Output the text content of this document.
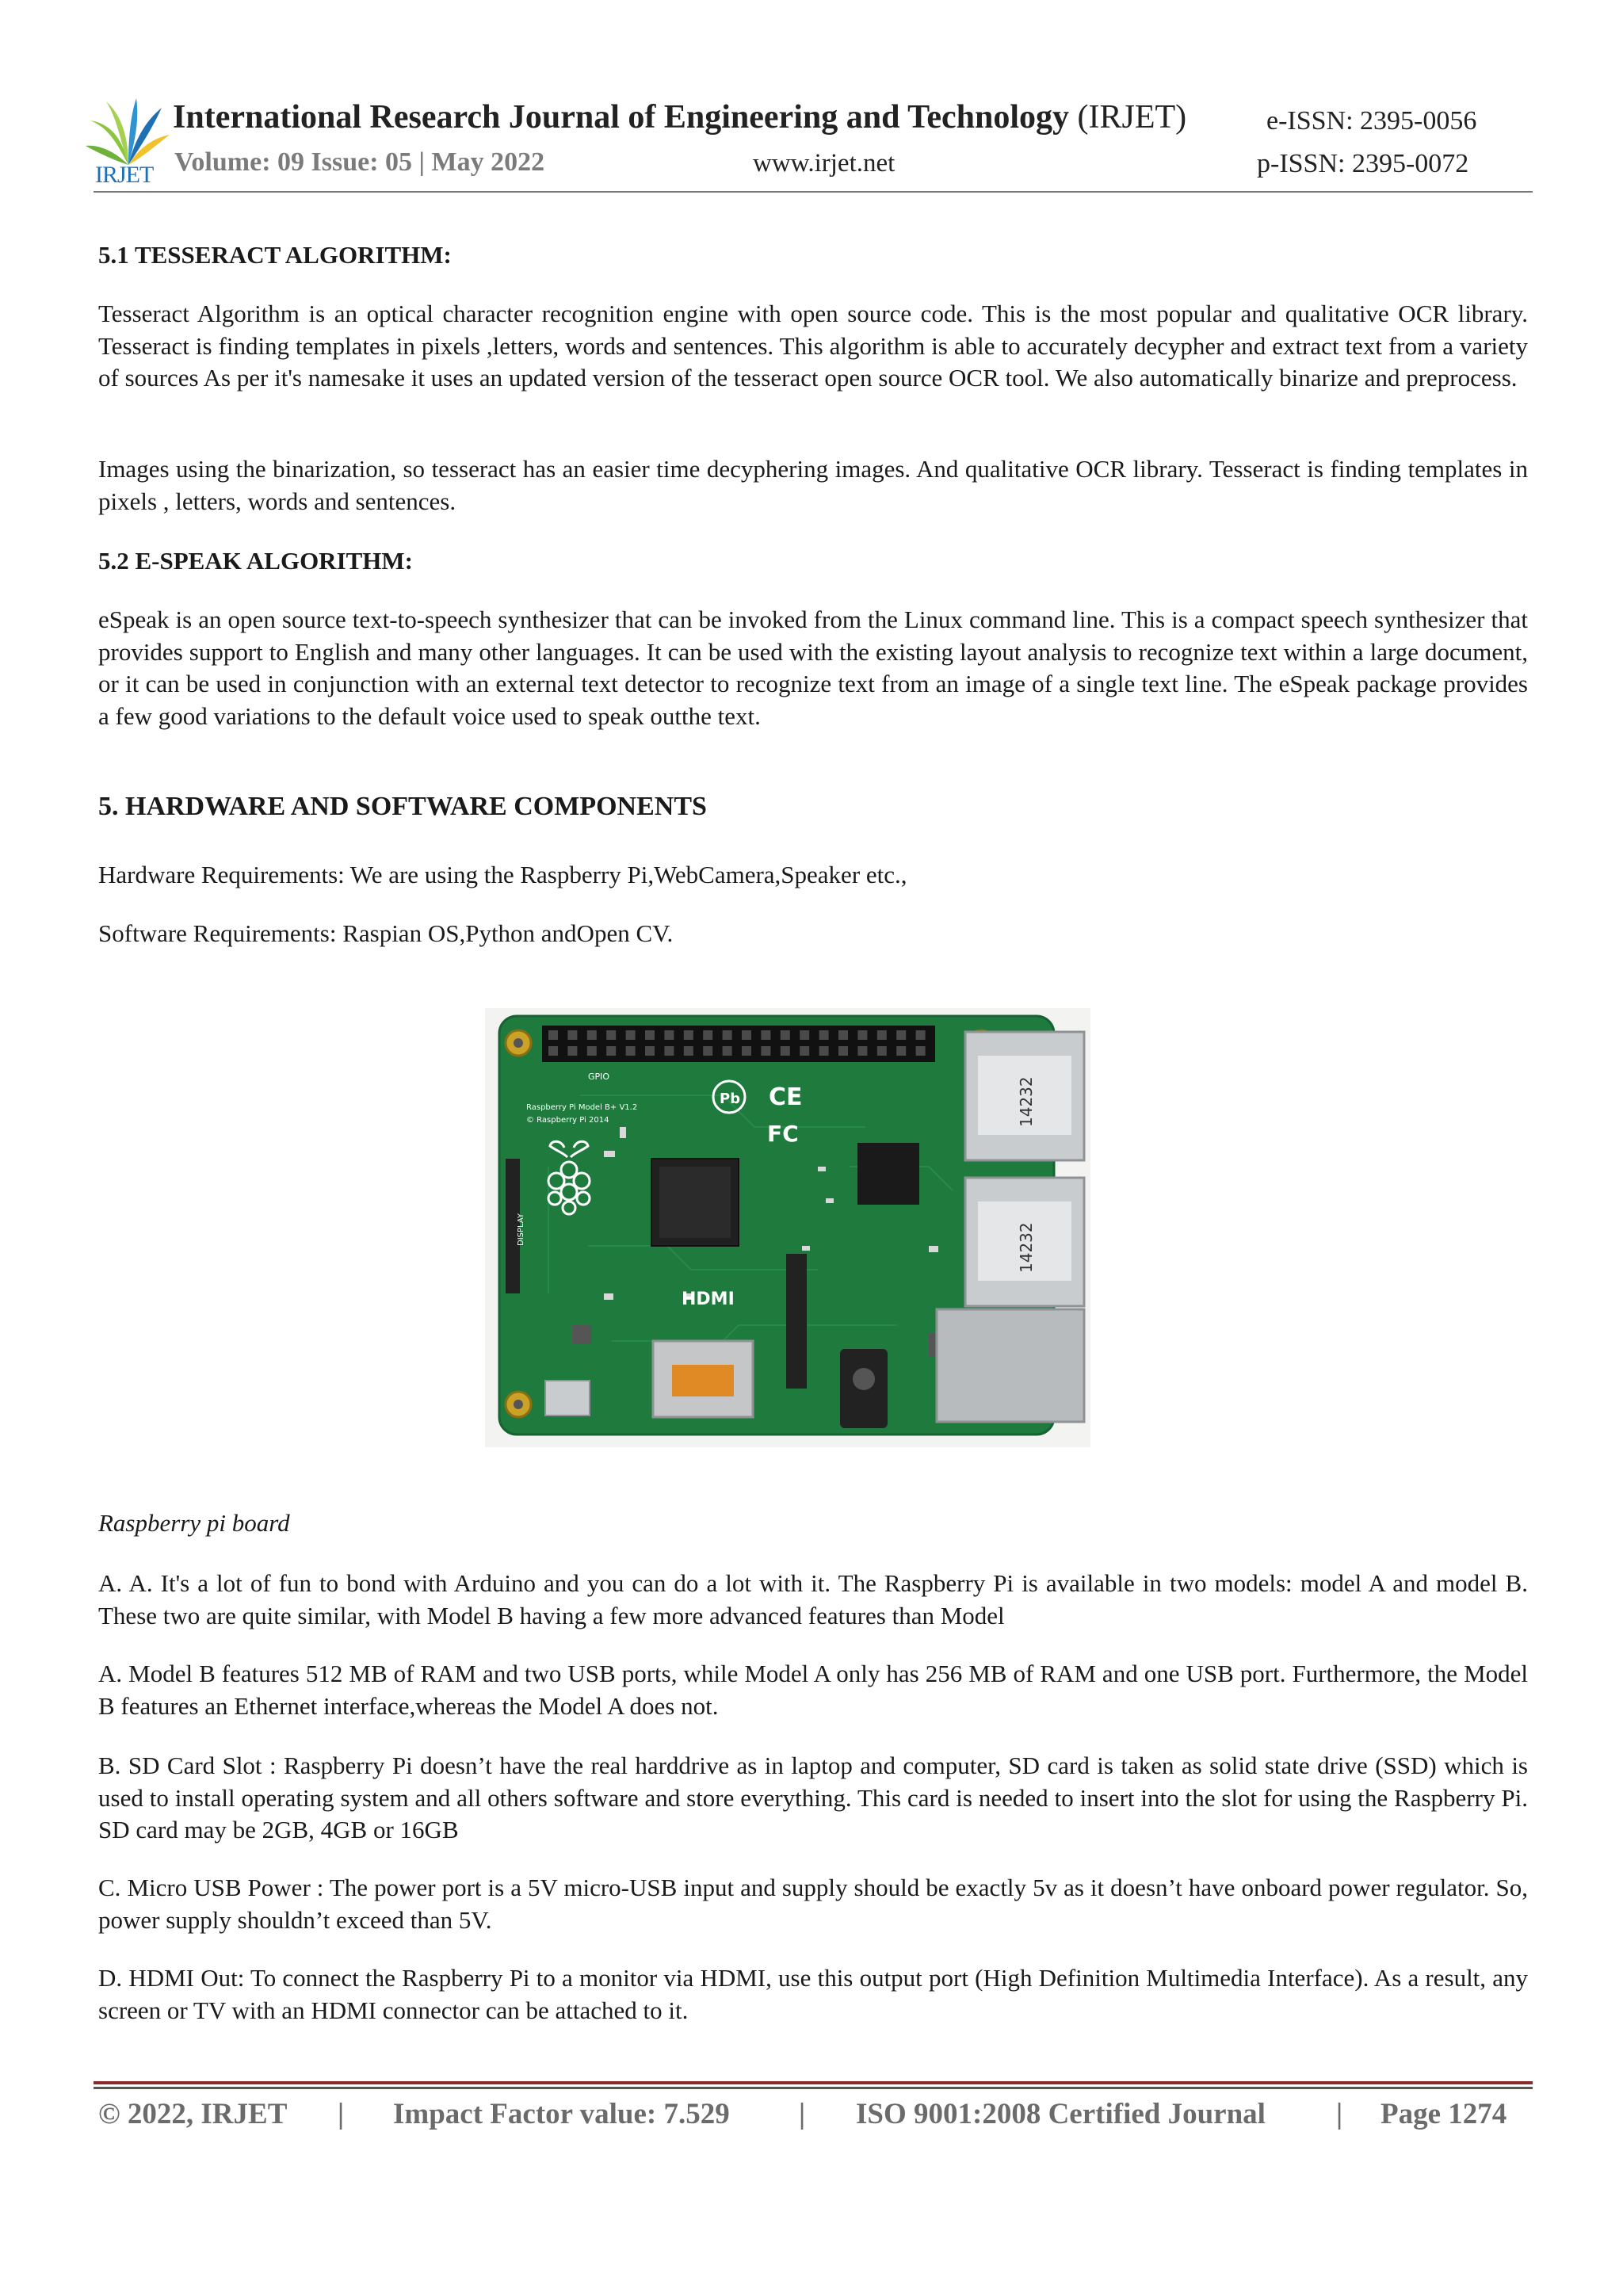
IRJET
International Research Journal of Engineering and Technology (IRJET)	e-ISSN: 2395-0056
Volume: 09 Issue: 05 | May 2022	www.irjet.net	p-ISSN: 2395-0072

5.1 TESSERACT ALGORITHM:

Tesseract Algorithm is an optical character recognition engine with open source code. This is the most popular and qualitative OCR library. Tesseract is finding templates in pixels ,letters, words and sentences. This algorithm is able to accurately decypher and extract text from a variety of sources As per it's namesake it uses an updated version of the tesseract open source OCR tool. We also automatically binarize and preprocess.

Images using the binarization, so tesseract has an easier time decyphering images. And qualitative OCR library. Tesseract is finding templates in pixels , letters, words and sentences.

5.2 E-SPEAK ALGORITHM:

eSpeak is an open source text-to-speech synthesizer that can be invoked from the Linux command line. This is a compact speech synthesizer that provides support to English and many other languages. It can be used with the existing layout analysis to recognize text within a large document, or it can be used in conjunction with an external text detector to recognize text from an image of a single text line. The eSpeak package provides a few good variations to the default voice used to speak outthe text.

5. HARDWARE AND SOFTWARE COMPONENTS

Hardware Requirements: We are using the Raspberry Pi,WebCamera,Speaker etc.,

Software Requirements: Raspian OS,Python andOpen CV.

Raspberry pi board

A. A. It's a lot of fun to bond with Arduino and you can do a lot with it. The Raspberry Pi is available in two models: model A and model B. These two are quite similar, with Model B having a few more advanced features than Model

A. Model B features 512 MB of RAM and two USB ports, while Model A only has 256 MB of RAM and one USB port. Furthermore, the Model B features an Ethernet interface,whereas the Model A does not.

B. SD Card Slot : Raspberry Pi doesn’t have the real harddrive as in laptop and computer, SD card is taken as solid state drive (SSD) which is used to install operating system and all others software and store everything. This card is needed to insert into the slot for using the Raspberry Pi. SD card may be 2GB, 4GB or 16GB

C. Micro USB Power : The power port is a 5V micro-USB input and supply should be exactly 5v as it doesn’t have onboard power regulator. So, power supply shouldn’t exceed than 5V.

D. HDMI Out: To connect the Raspberry Pi to a monitor via HDMI, use this output port (High Definition Multimedia Interface). As a result, any screen or TV with an HDMI connector can be attached to it.

GPIO
Raspberry Pi Model B+ V1.2
© Raspberry Pi 2014
DISPLAY
Pb CE
FC
14232
14232
HDMI
© 2022, IRJET | Impact Factor value: 7.529 | ISO 9001:2008 Certified Journal | Page 1274
